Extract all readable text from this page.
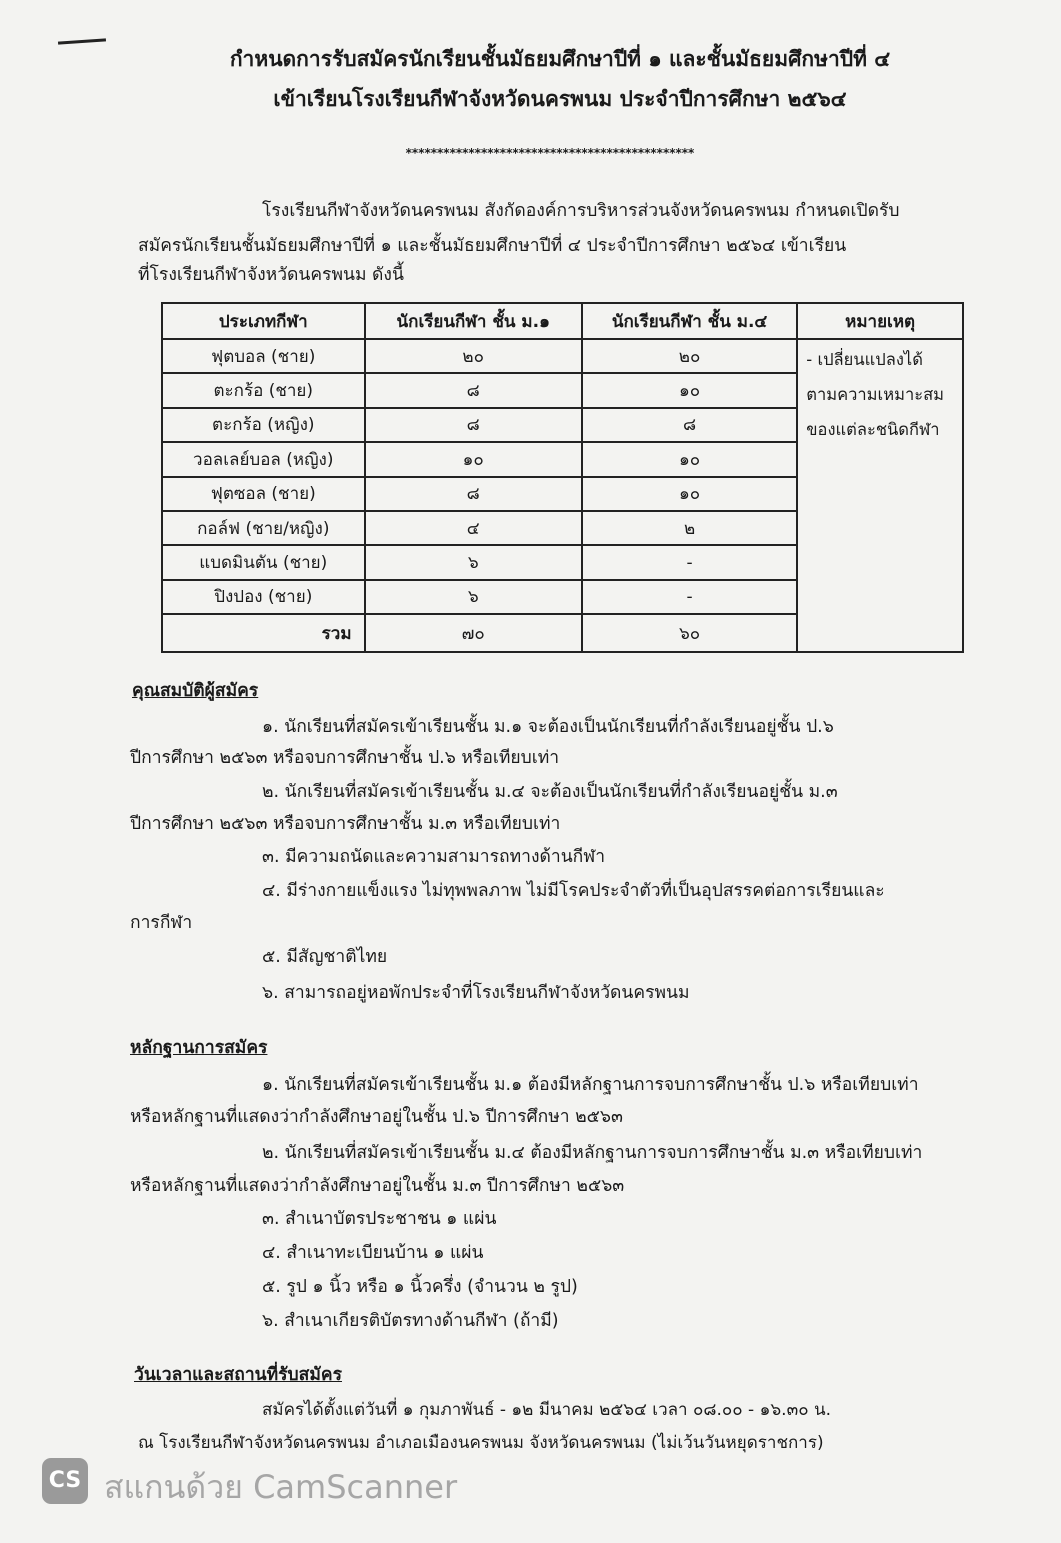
กำหนดการรับสมัครนักเรียนชั้นมัธยมศึกษาปีที่ ๑ และชั้นมัธยมศึกษาปีที่ ๔
เข้าเรียนโรงเรียนกีฬาจังหวัดนครพนม ประจำปีการศึกษา ๒๕๖๔
**********************************************
โรงเรียนกีฬาจังหวัดนครพนม สังกัดองค์การบริหารส่วนจังหวัดนครพนม กำหนดเปิดรับ
สมัครนักเรียนชั้นมัธยมศึกษาปีที่ ๑ และชั้นมัธยมศึกษาปีที่ ๔ ประจำปีการศึกษา ๒๕๖๔ เข้าเรียน
ที่โรงเรียนกีฬาจังหวัดนครพนม ดังนี้
ประเภทกีฬา	นักเรียนกีฬา ชั้น ม.๑	นักเรียนกีฬา ชั้น ม.๔	หมายเหตุ
ฟุตบอล (ชาย)	๒๐	๒๐	- เปลี่ยนแปลงได้
ตามความเหมาะสม
ของแต่ละชนิดกีฬา

ตะกร้อ (ชาย)	๘	๑๐	
ตะกร้อ (หญิง)	๘	๘	
วอลเลย์บอล (หญิง)	๑๐	๑๐	
ฟุตซอล (ชาย)	๘	๑๐	
กอล์ฟ (ชาย/หญิง)	๔	๒	
แบดมินตัน (ชาย)	๖	-	
ปิงปอง (ชาย)	๖	-	
รวม	๗๐	๖๐	
คุณสมบัติผู้สมัคร
๑. นักเรียนที่สมัครเข้าเรียนชั้น ม.๑ จะต้องเป็นนักเรียนที่กำลังเรียนอยู่ชั้น ป.๖
ปีการศึกษา ๒๕๖๓ หรือจบการศึกษาชั้น ป.๖ หรือเทียบเท่า
๒. นักเรียนที่สมัครเข้าเรียนชั้น ม.๔ จะต้องเป็นนักเรียนที่กำลังเรียนอยู่ชั้น ม.๓
ปีการศึกษา ๒๕๖๓ หรือจบการศึกษาชั้น ม.๓ หรือเทียบเท่า
๓. มีความถนัดและความสามารถทางด้านกีฬา
๔. มีร่างกายแข็งแรง ไม่ทุพพลภาพ ไม่มีโรคประจำตัวที่เป็นอุปสรรคต่อการเรียนและ
การกีฬา
๕. มีสัญชาติไทย
๖. สามารถอยู่หอพักประจำที่โรงเรียนกีฬาจังหวัดนครพนม
หลักฐานการสมัคร
๑. นักเรียนที่สมัครเข้าเรียนชั้น ม.๑ ต้องมีหลักฐานการจบการศึกษาชั้น ป.๖ หรือเทียบเท่า
หรือหลักฐานที่แสดงว่ากำลังศึกษาอยู่ในชั้น ป.๖ ปีการศึกษา ๒๕๖๓
๒. นักเรียนที่สมัครเข้าเรียนชั้น ม.๔ ต้องมีหลักฐานการจบการศึกษาชั้น ม.๓ หรือเทียบเท่า
หรือหลักฐานที่แสดงว่ากำลังศึกษาอยู่ในชั้น ม.๓ ปีการศึกษา ๒๕๖๓
๓. สำเนาบัตรประชาชน ๑ แผ่น
๔. สำเนาทะเบียนบ้าน ๑ แผ่น
๕. รูป ๑ นิ้ว หรือ ๑ นิ้วครึ่ง (จำนวน ๒ รูป)
๖. สำเนาเกียรติบัตรทางด้านกีฬา (ถ้ามี)
วันเวลาและสถานที่รับสมัคร
สมัครได้ตั้งแต่วันที่ ๑ กุมภาพันธ์ - ๑๒ มีนาคม ๒๕๖๔ เวลา ๐๘.๐๐ - ๑๖.๓๐ น.
ณ โรงเรียนกีฬาจังหวัดนครพนม อำเภอเมืองนครพนม จังหวัดนครพนม (ไม่เว้นวันหยุดราชการ)
CS สแกนด้วย CamScanner
